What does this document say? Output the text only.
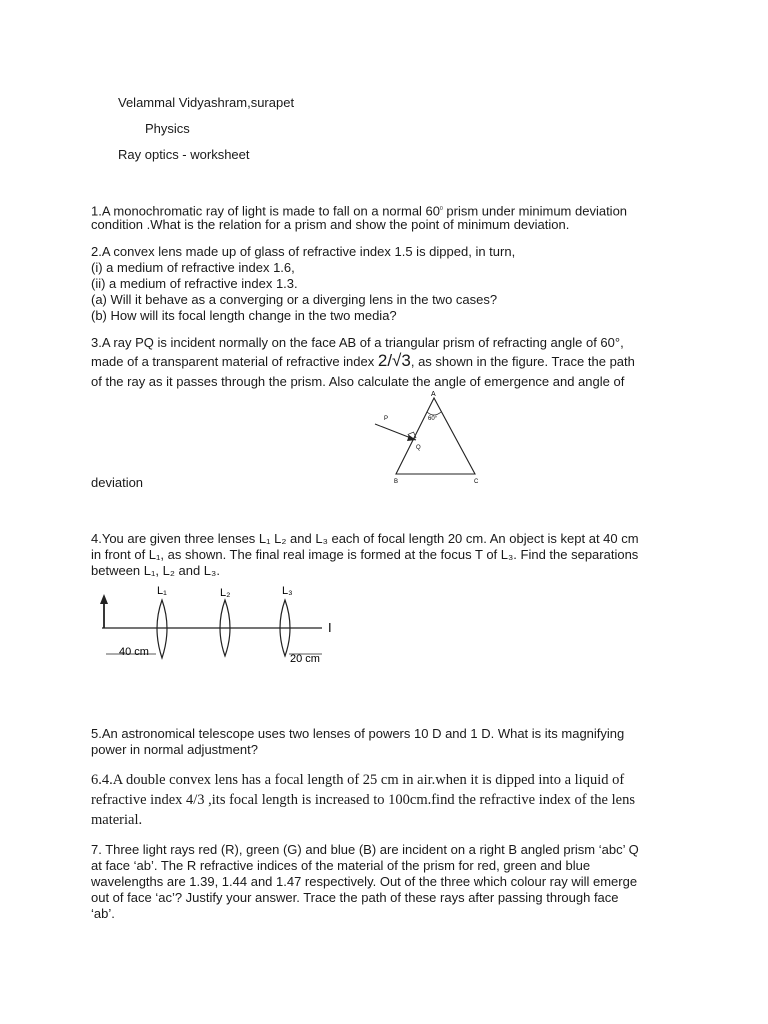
Velammal Vidyashram,surapet
Physics
Ray optics - worksheet
1.A monochromatic ray of light is made to fall on a normal $60^0$ prism under minimum deviation
condition .What is the relation for a prism and show the point of minimum deviation.
2.A convex lens made up of glass of refractive index 1.5 is dipped, in turn,
(i) a medium of refractive index 1.6,
(ii) a medium of refractive index 1.3.
(a) Will it behave as a converging or a diverging lens in the two cases?
(b) How will its focal length change in the two media?
3.A ray PQ is incident normally on the face AB of a triangular prism of refracting angle of 60°,
made of a transparent material of refractive index 2/√3, as shown in the figure. Trace the path
of the ray as it passes through the prism. Also calculate the angle of emergence and angle of
A
60°
P
Q
B	C
deviation
4.You are given three lenses L₁ L₂ and L₃ each of focal length 20 cm. An object is kept at 40 cm
in front of L₁, as shown. The final real image is formed at the focus T of L₃. Find the separations
between L₁, L₂ and L₃.
L₁	L₂	L₃
I
40 cm
20 cm
5.An astronomical telescope uses two lenses of powers 10 D and 1 D. What is its magnifying
power in normal adjustment?
6.4.A double convex lens has a focal length of 25 cm in air.when it is dipped into a liquid of
refractive index 4/3 ,its focal length is increased to 100cm.find the refractive index of the lens
material.
7. Three light rays red (R), green (G) and blue (B) are incident on a right B angled prism ‘abc’ Q
at face ‘ab’. The R refractive indices of the material of the prism for red, green and blue
wavelengths are 1.39, 1.44 and 1.47 respectively. Out of the three which colour ray will emerge
out of face ‘ac’? Justify your answer. Trace the path of these rays after passing through face
‘ab’.
